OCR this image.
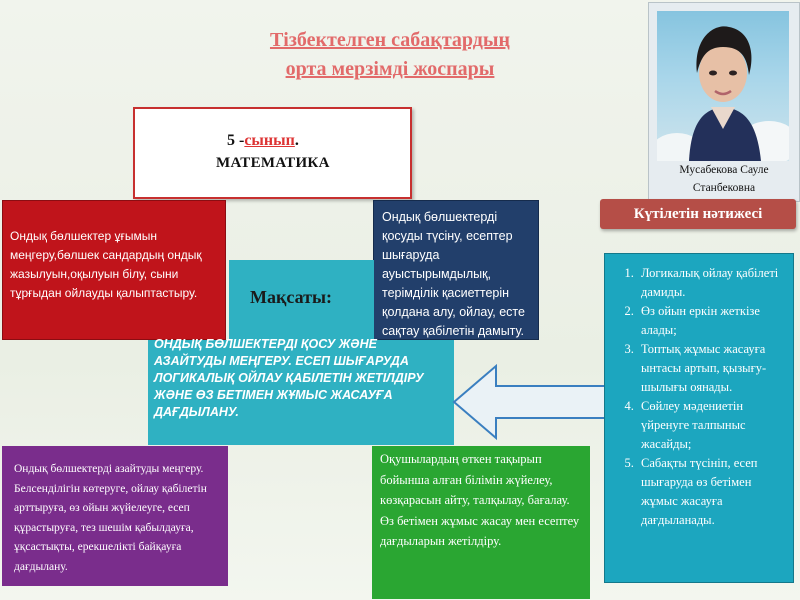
Тізбектелген сабақтардың
орта мерзімді жоспары
Мусабекова Сауле
Станбековна
5 -сынып.
МАТЕМАТИКА
Ондық бөлшектер ұғымын меңгеру,бөлшек сандардың ондық жазылуын,оқылуын білу, сыни тұрғыдан ойлауды қалыптастыру.
Ондық бөлшектерді қосуды түсіну, есептер шығаруда ауыстырымдылық, терімділік қасиеттерін қолдана алу, ойлау, есте сақтау қабілетін дамыту.
Мақсаты:
ОНДЫҚ БӨЛШЕКТЕРДІ ҚОСУ ЖӘНЕ АЗАЙТУДЫ МЕҢГЕРУ. ЕСЕП ШЫҒАРУДА ЛОГИКАЛЫҚ ОЙЛАУ ҚАБІЛЕТІН ЖЕТІЛДІРУ ЖӘНЕ ӨЗ БЕТІМЕН ЖҰМЫС ЖАСАУҒА ДАҒДЫЛАНУ.
Ондық бөлшектерді азайтуды меңгеру. Белсенділігін көтеруге, ойлау қабілетін арттыруға, өз ойын жүйелеуге, есеп құрастыруға, тез шешім қабылдауға, ұқсастықты, ерекшелікті байқауға дағдылану.
Оқушылардың өткен тақырып бойынша алған білімін жүйелеу, көзқарасын айту, талқылау, бағалау. Өз бетімен жұмыс жасау мен есептеу дағдыларын жетілдіру.
Күтілетін нәтижесі
1. Логикалық ойлау қабілеті дамиды.
2. Өз ойын еркін жеткізе алады;
3. Топтық жұмыс жасауға ынтасы артып, қызығу-шылығы оянады.
4. Сөйлеу мәдениетін үйренуге талпыныс жасайды;
5. Сабақты түсініп, есеп шығаруда өз бетімен жұмыс жасауға дағдыланады.
